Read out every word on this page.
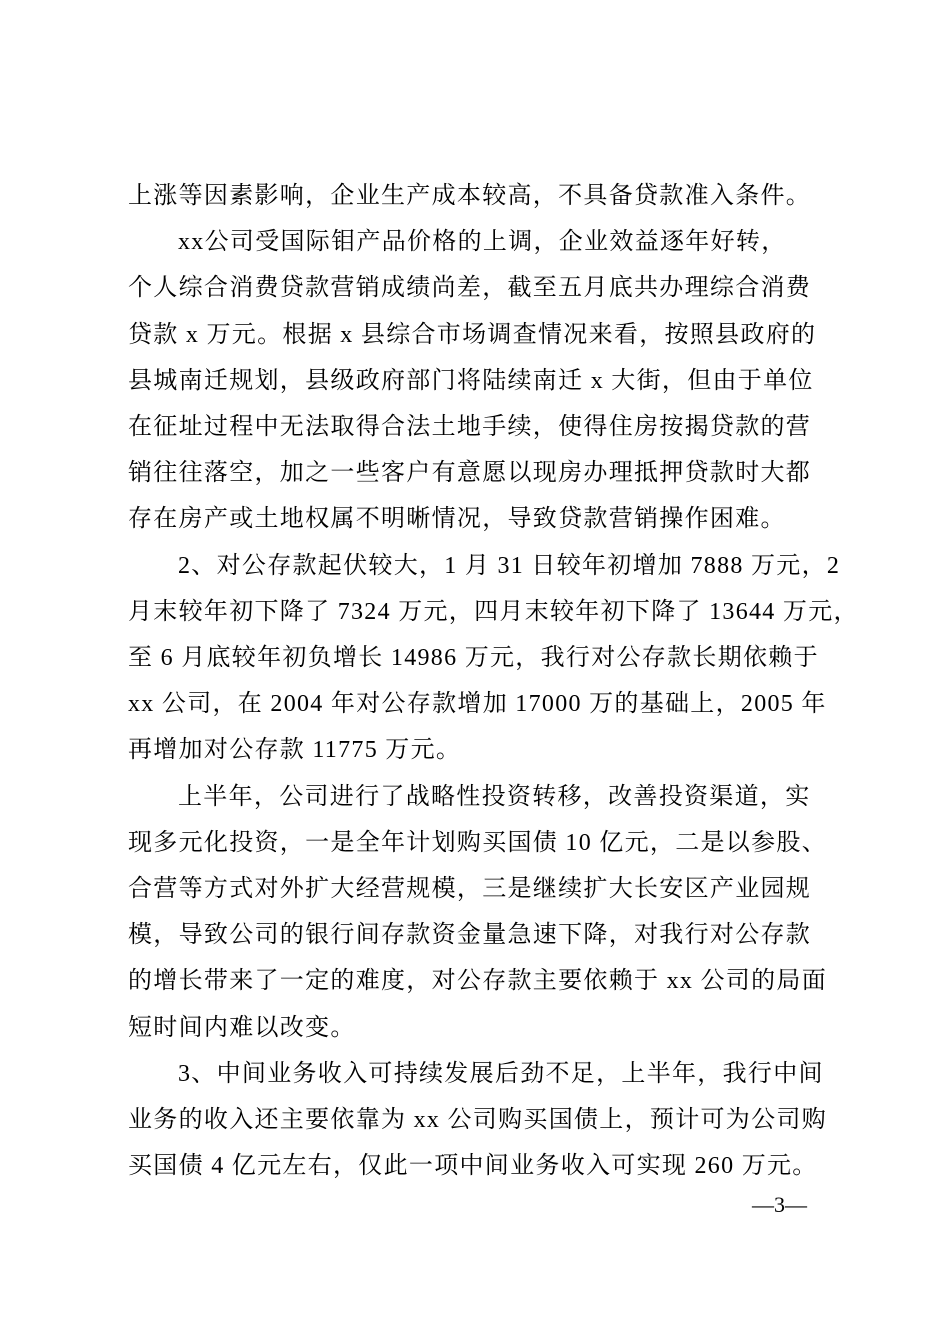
上涨等因素影响，企业生产成本较高，不具备贷款准入条件。
xx公司受国际钼产品价格的上调，企业效益逐年好转，
个人综合消费贷款营销成绩尚差，截至五月底共办理综合消费
贷款 x 万元。根据 x 县综合市场调查情况来看，按照县政府的
县城南迁规划，县级政府部门将陆续南迁 x 大街，但由于单位
在征址过程中无法取得合法土地手续，使得住房按揭贷款的营
销往往落空，加之一些客户有意愿以现房办理抵押贷款时大都
存在房产或土地权属不明晰情况，导致贷款营销操作困难。
2、对公存款起伏较大，1 月 31 日较年初增加 7888 万元，2
月末较年初下降了 7324 万元，四月末较年初下降了 13644 万元，
至 6 月底较年初负增长 14986 万元，我行对公存款长期依赖于
xx 公司，在 2004 年对公存款增加 17000 万的基础上，2005 年
再增加对公存款 11775 万元。
上半年，公司进行了战略性投资转移，改善投资渠道，实
现多元化投资，一是全年计划购买国债 10 亿元，二是以参股、
合营等方式对外扩大经营规模，三是继续扩大长安区产业园规
模，导致公司的银行间存款资金量急速下降，对我行对公存款
的增长带来了一定的难度，对公存款主要依赖于 xx 公司的局面
短时间内难以改变。
3、中间业务收入可持续发展后劲不足，上半年，我行中间
业务的收入还主要依靠为 xx 公司购买国债上，预计可为公司购
买国债 4 亿元左右，仅此一项中间业务收入可实现 260 万元。
—3—
